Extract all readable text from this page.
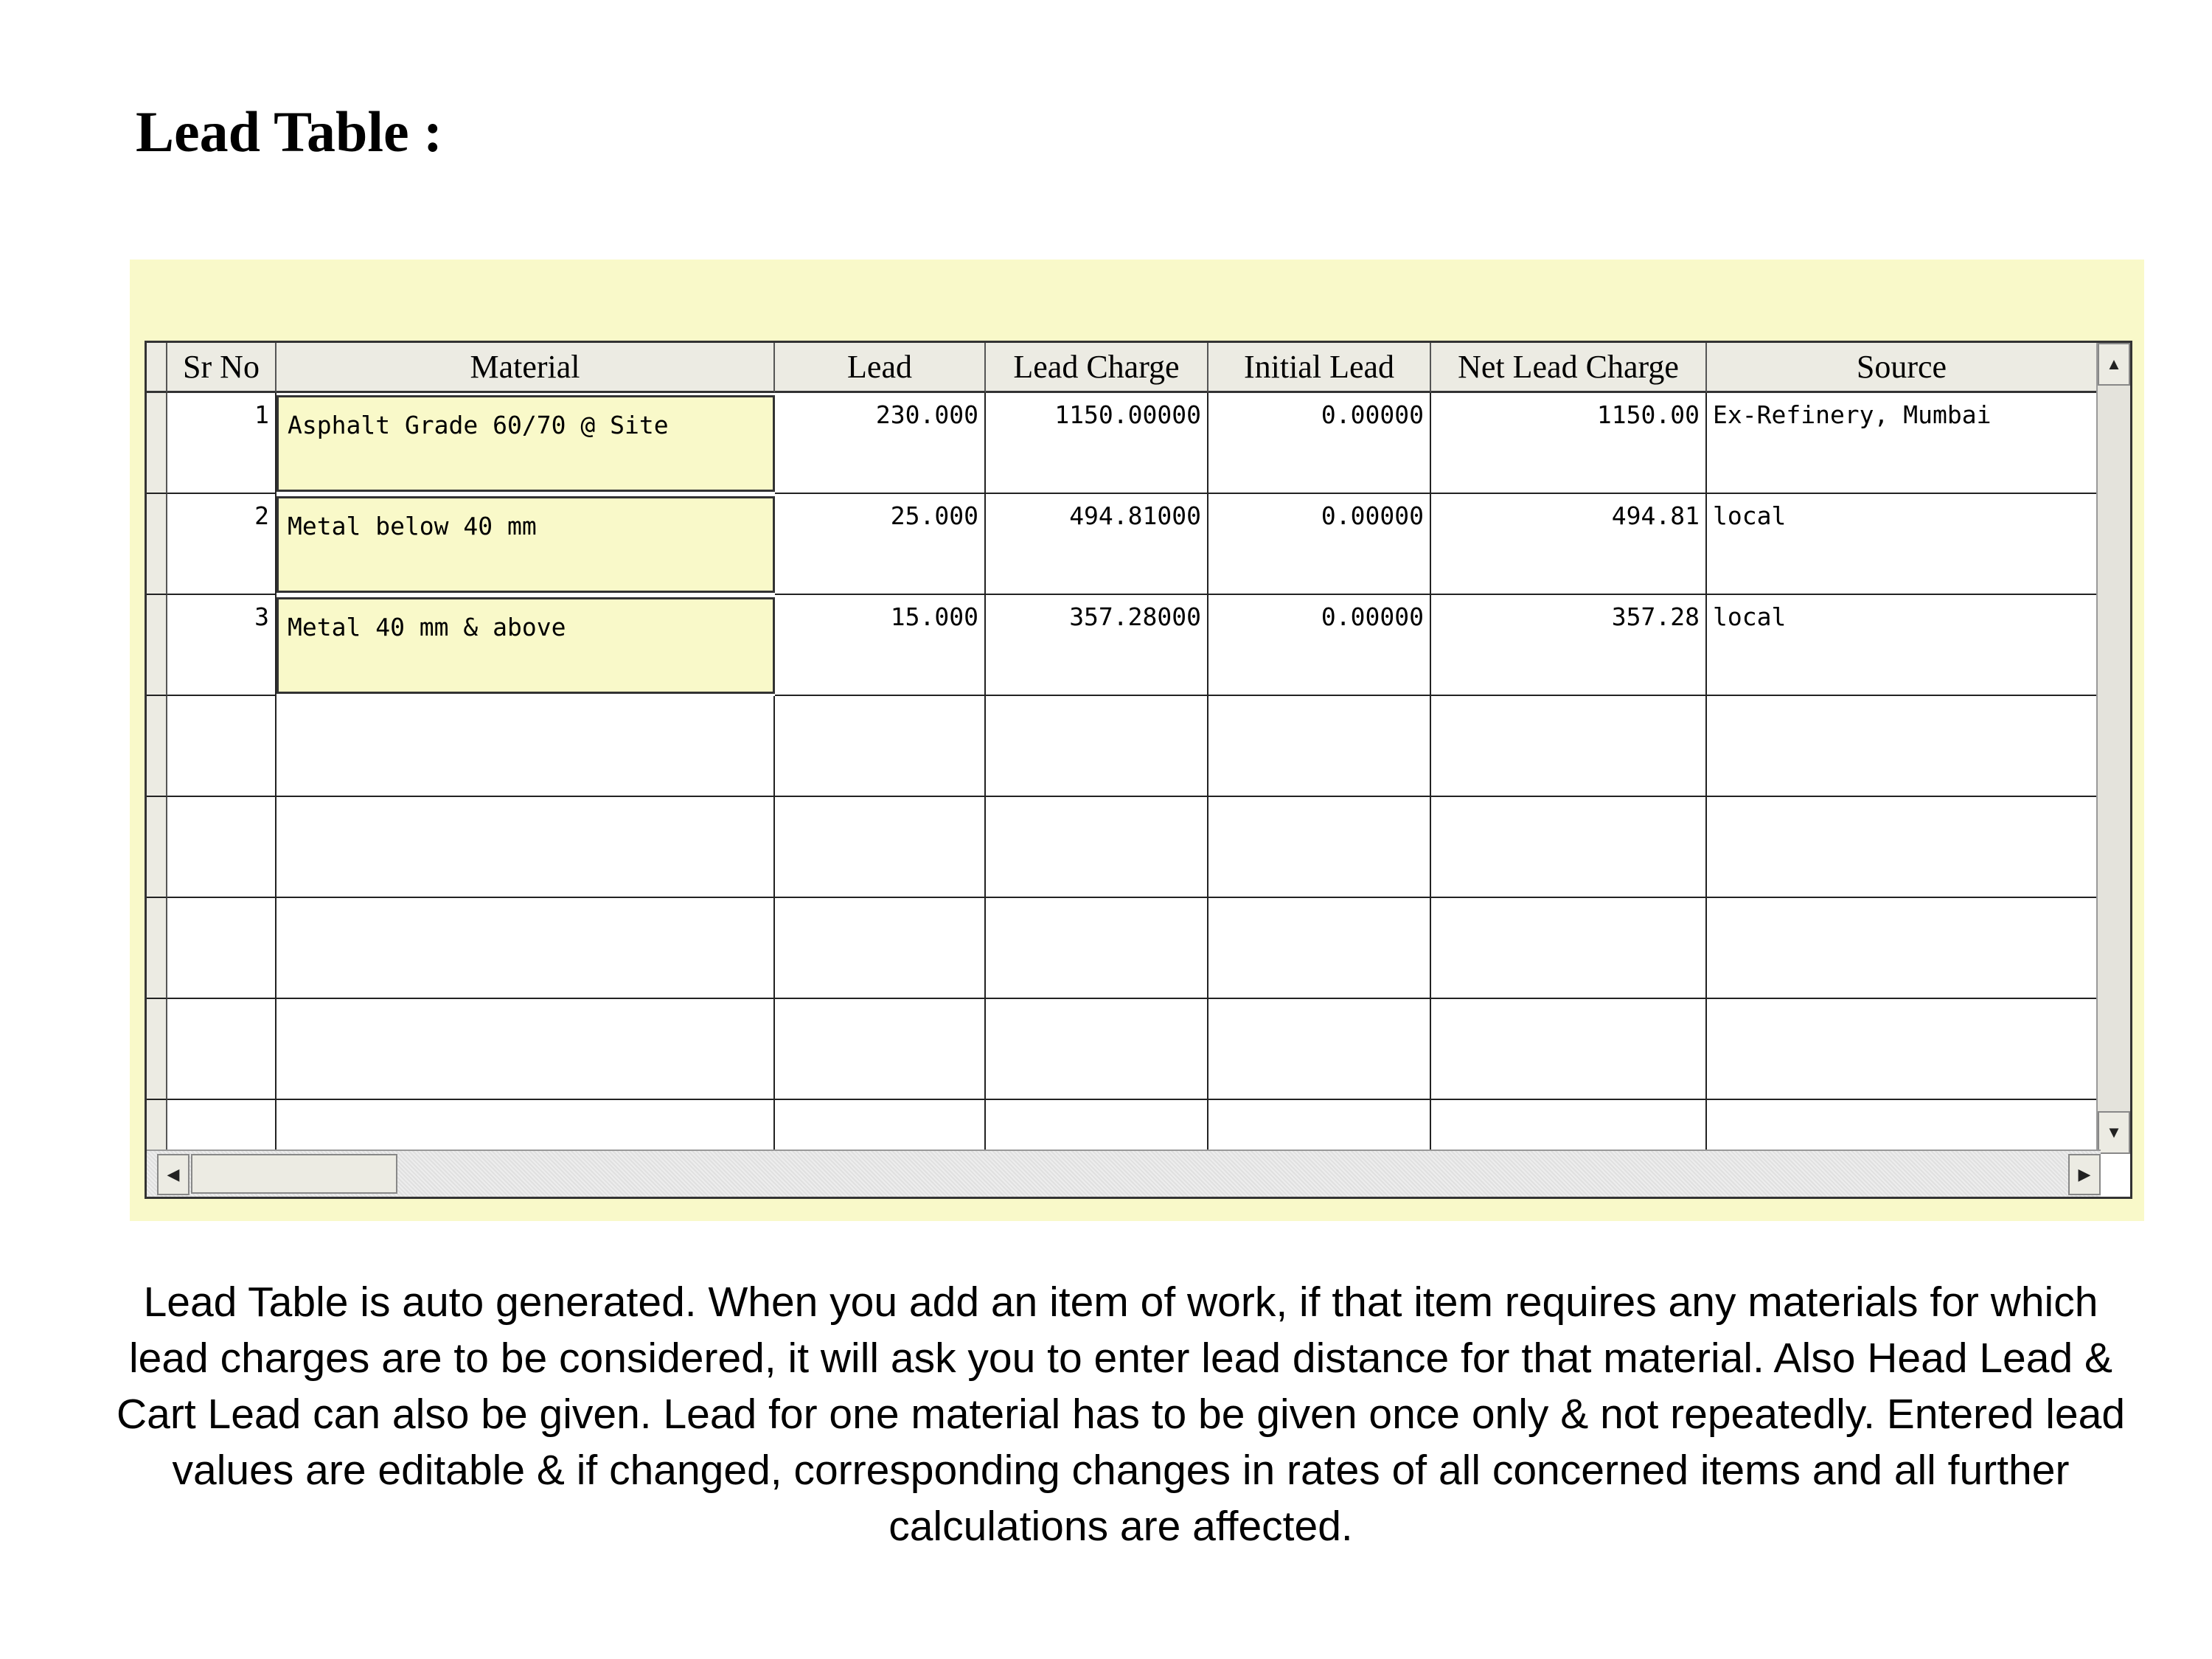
Lead Table :
Sr No	Material	Lead	Lead Charge	Initial Lead	Net Lead Charge	Source
1 Asphalt Grade 60/70 @ Site	230.000	1150.00000	0.00000	1150.00 Ex-Refinery, Mumbai
2 Metal below 40 mm	25.000	494.81000	0.00000	494.81 local
3 Metal 40 mm & above	15.000	357.28000	0.00000	357.28 local
▲
▼
◀	▶

Lead Table is auto generated. When you add an item of work, if that item requires any materials for which lead charges are to be considered, it will ask you to enter lead distance for that material. Also Head Lead & Cart Lead can also be given. Lead for one material has to be given once only & not repeatedly. Entered lead values are editable & if changed, corresponding changes in rates of all concerned items and all further calculations are affected.
